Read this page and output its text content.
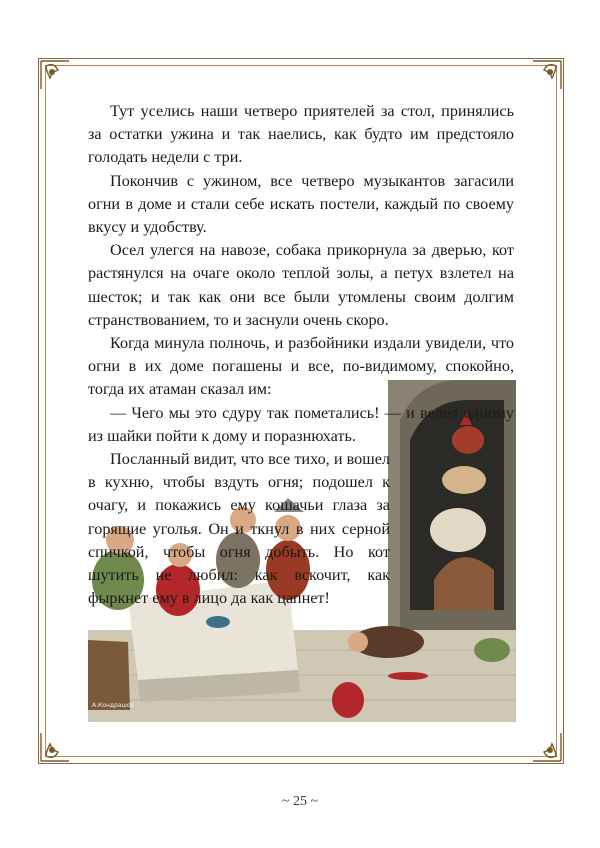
А.Кондрашов

Тут уселись наши четверо приятелей за стол, принялись за остатки ужина и так наелись, как будто им предстояло голодать недели с три.

Покончив с ужином, все четверо музыкантов загасили огни в доме и стали себе искать постели, каждый по своему вкусу и удобству.

Осел улегся на навозе, собака прикорнула за дверью, кот растянулся на очаге около теплой золы, а петух взлетел на шесток; и так как они все были утомлены своим долгим странствованием, то и заснули очень скоро.

Когда минула полночь, и разбойники издали увидели, что огни в их доме погашены и все, по-видимому, спокойно, тогда их атаман сказал им:

— Чего мы это сдуру так пометались! — и велел одному из шайки пойти к дому и поразнюхать.

Посланный видит, что все тихо, и вошел в кухню, чтобы вздуть огня; подошел к очагу, и покажись ему кошачьи глаза за горящие уголья. Он и ткнул в них серной спичкой, чтобы огня добыть. Но кот шутить не любил: как вскочит, как фыркнет ему в лицо да как цапнет!

~ 25 ~
